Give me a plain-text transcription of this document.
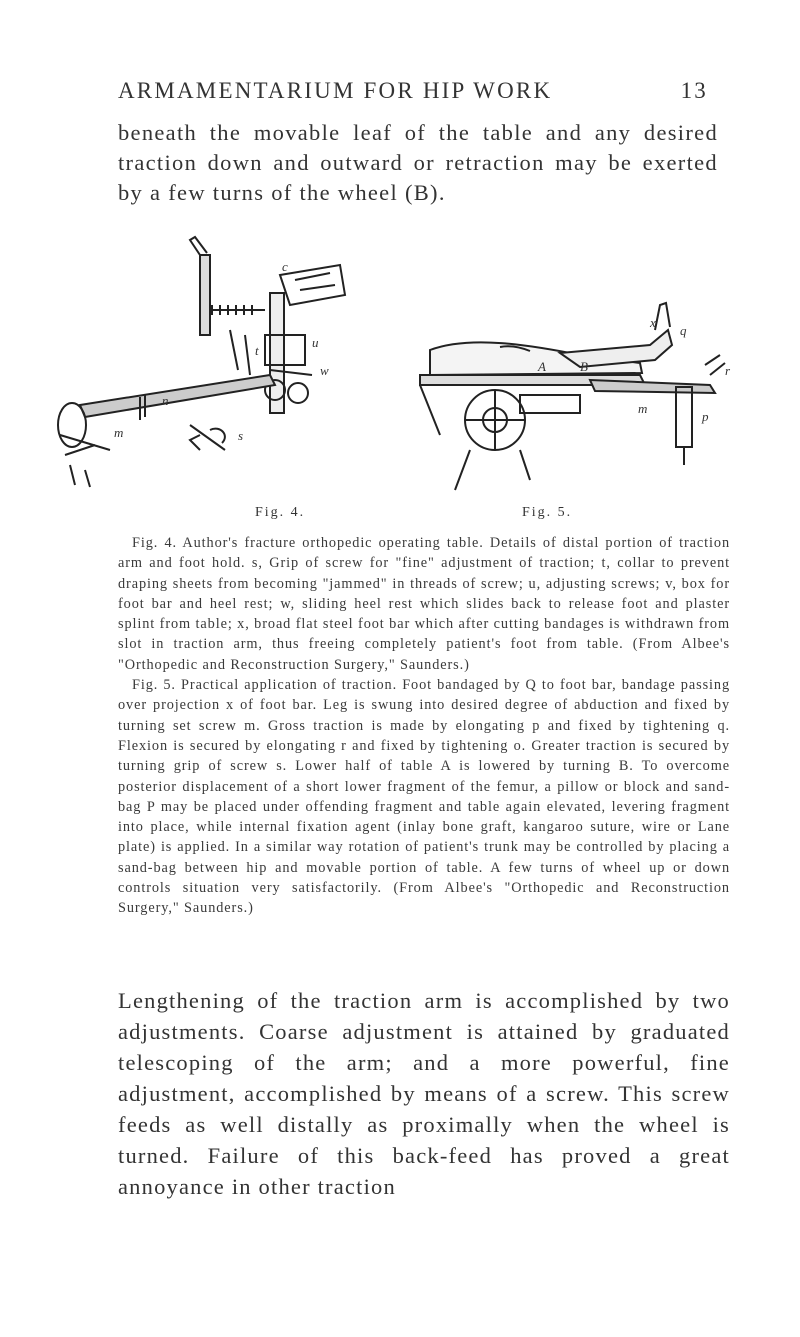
ARMAMENTARIUM FOR HIP WORK	13
beneath the movable leaf of the table and any desired traction down and outward or retraction may be exerted by a few turns of the wheel (B).
c
t
n
m
u
s
w
q
r
x
m
p
A	B
Fig. 4.	Fig. 5.

Fig. 4. Author's fracture orthopedic operating table. Details of distal portion of traction arm and foot hold. s, Grip of screw for "fine" adjustment of traction; t, collar to prevent draping sheets from becoming "jammed" in threads of screw; u, adjusting screws; v, box for foot bar and heel rest; w, sliding heel rest which slides back to release foot and plaster splint from table; x, broad flat steel foot bar which after cutting bandages is withdrawn from slot in traction arm, thus freeing completely patient's foot from table. (From Albee's "Orthopedic and Reconstruction Surgery," Saunders.)

Fig. 5. Practical application of traction. Foot bandaged by Q to foot bar, bandage passing over projection x of foot bar. Leg is swung into desired degree of abduction and fixed by turning set screw m. Gross traction is made by elongating p and fixed by tightening q. Flexion is secured by elongating r and fixed by tightening o. Greater traction is secured by turning grip of screw s. Lower half of table A is lowered by turning B. To overcome posterior displacement of a short lower fragment of the femur, a pillow or block and sand-bag P may be placed under offending fragment and table again elevated, levering fragment into place, while internal fixation agent (inlay bone graft, kangaroo suture, wire or Lane plate) is applied. In a similar way rotation of patient's trunk may be controlled by placing a sand-bag between hip and movable portion of table. A few turns of wheel up or down controls situation very satisfactorily. (From Albee's "Orthopedic and Reconstruction Surgery," Saunders.)

Lengthening of the traction arm is accomplished by two adjustments. Coarse adjustment is attained by graduated telescoping of the arm; and a more powerful, fine adjustment, accomplished by means of a screw. This screw feeds as well distally as proximally when the wheel is turned. Failure of this back-feed has proved a great annoyance in other traction
